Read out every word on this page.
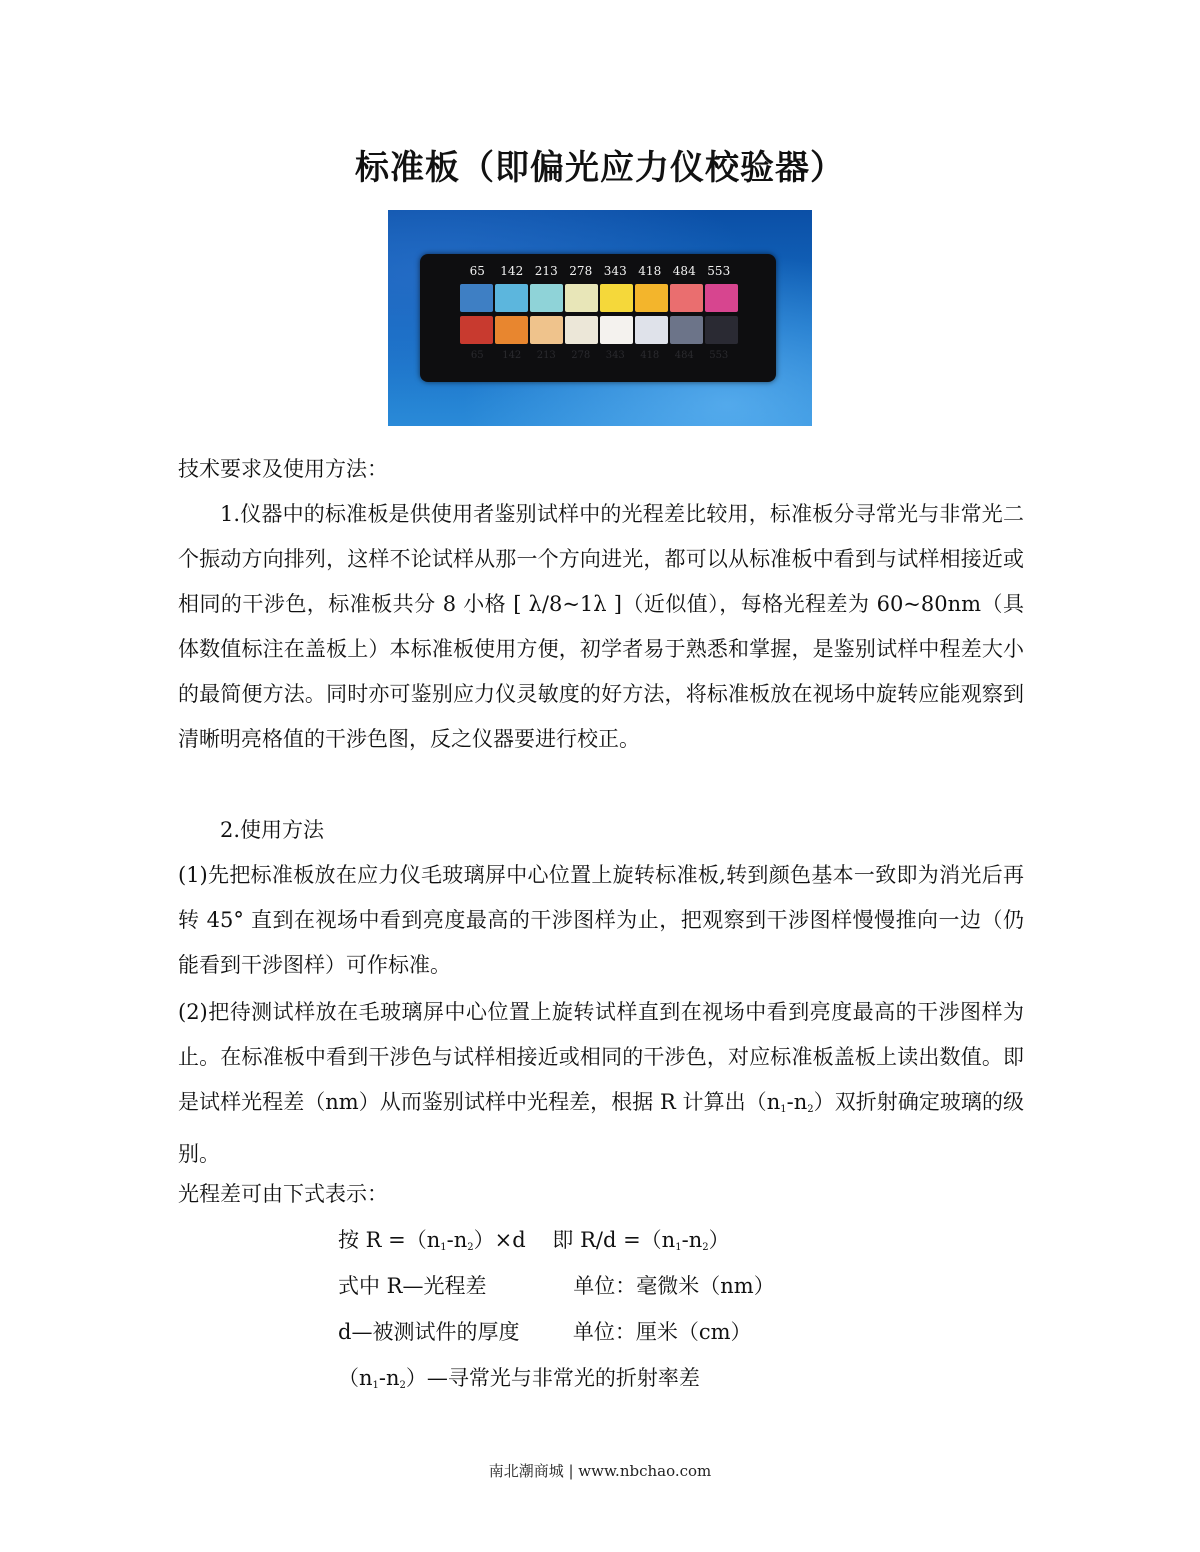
标准板（即偏光应力仪校验器）
65	142 213 278 343 418 484 553
65	142	213	278	343	418	484	553

技术要求及使用方法：

1.仪器中的标准板是供使用者鉴别试样中的光程差比较用，标准板分寻常光与非常光二个振动方向排列，这样不论试样从那一个方向进光，都可以从标准板中看到与试样相接近或相同的干涉色，标准板共分 8 小格 [ λ/8~1λ ]（近似值），每格光程差为 60~80nm（具体数值标注在盖板上）本标准板使用方便，初学者易于熟悉和掌握，是鉴别试样中程差大小的最简便方法。同时亦可鉴别应力仪灵敏度的好方法，将标准板放在视场中旋转应能观察到清晰明亮格值的干涉色图，反之仪器要进行校正。

2.使用方法

(1)先把标准板放在应力仪毛玻璃屏中心位置上旋转标准板,转到颜色基本一致即为消光后再转 45° 直到在视场中看到亮度最高的干涉图样为止，把观察到干涉图样慢慢推向一边（仍能看到干涉图样）可作标准。

(2)把待测试样放在毛玻璃屏中心位置上旋转试样直到在视场中看到亮度最高的干涉图样为止。在标准板中看到干涉色与试样相接近或相同的干涉色，对应标准板盖板上读出数值。即是试样光程差（nm）从而鉴别试样中光程差，根据 R 计算出$(n_1-n_2)$双折射确定玻璃的级别。

光程差可由下式表示：

按 $R =(n_1-n_2)\times d$    即 $R/d =(n_1-n_2)$

式中 R—光程差             单位：毫微米（nm）

d—被测试件的厚度        单位：厘米（cm）

$(n_1-n_2)—$寻常光与非常光的折射率差

南北潮商城 | www.nbchao.com
